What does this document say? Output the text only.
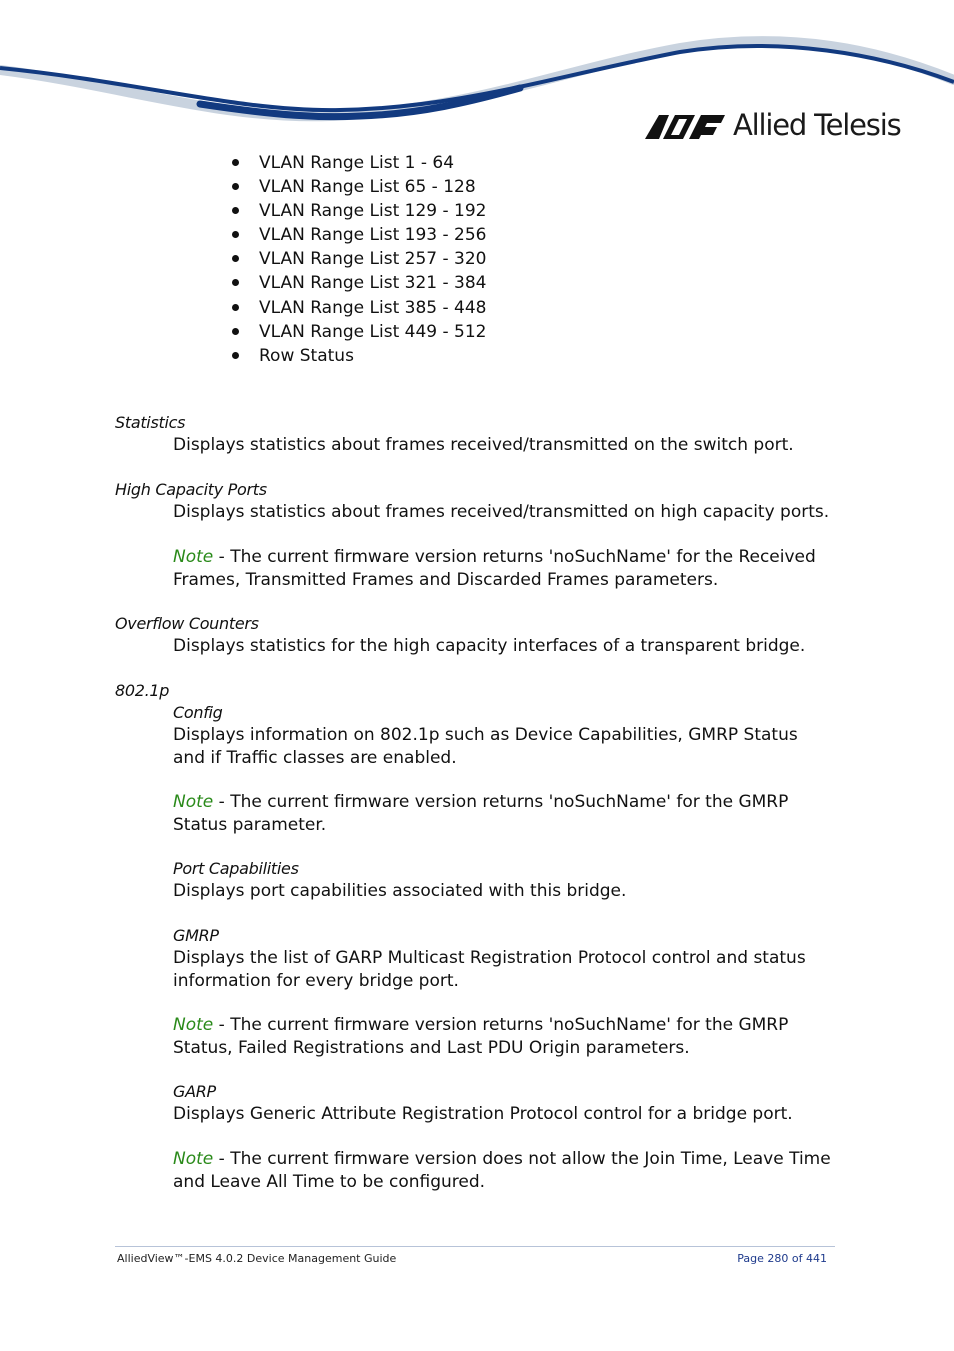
Allied Telesis
VLAN Range List 1 - 64
VLAN Range List 65 - 128
VLAN Range List 129 - 192
VLAN Range List 193 - 256
VLAN Range List 257 - 320
VLAN Range List 321 - 384
VLAN Range List 385 - 448
VLAN Range List 449 - 512
Row Status
Statistics
Displays statistics about frames received/transmitted on the switch port.
High Capacity Ports
Displays statistics about frames received/transmitted on high capacity ports.
Note - The current firmware version returns 'noSuchName' for the Received Frames, Transmitted Frames and Discarded Frames parameters.
Overflow Counters
Displays statistics for the high capacity interfaces of a transparent bridge.
802.1p
Config
Displays information on 802.1p such as Device Capabilities, GMRP Status and if Traffic classes are enabled.
Note - The current firmware version returns 'noSuchName' for the GMRP Status parameter.
Port Capabilities
Displays port capabilities associated with this bridge.
GMRP
Displays the list of GARP Multicast Registration Protocol control and status information for every bridge port.
Note - The current firmware version returns 'noSuchName' for the GMRP Status, Failed Registrations and Last PDU Origin parameters.
GARP
Displays Generic Attribute Registration Protocol control for a bridge port.
Note - The current firmware version does not allow the Join Time, Leave Time and Leave All Time to be configured.
AlliedView™-EMS 4.0.2 Device Management Guide	Page 280 of 441
